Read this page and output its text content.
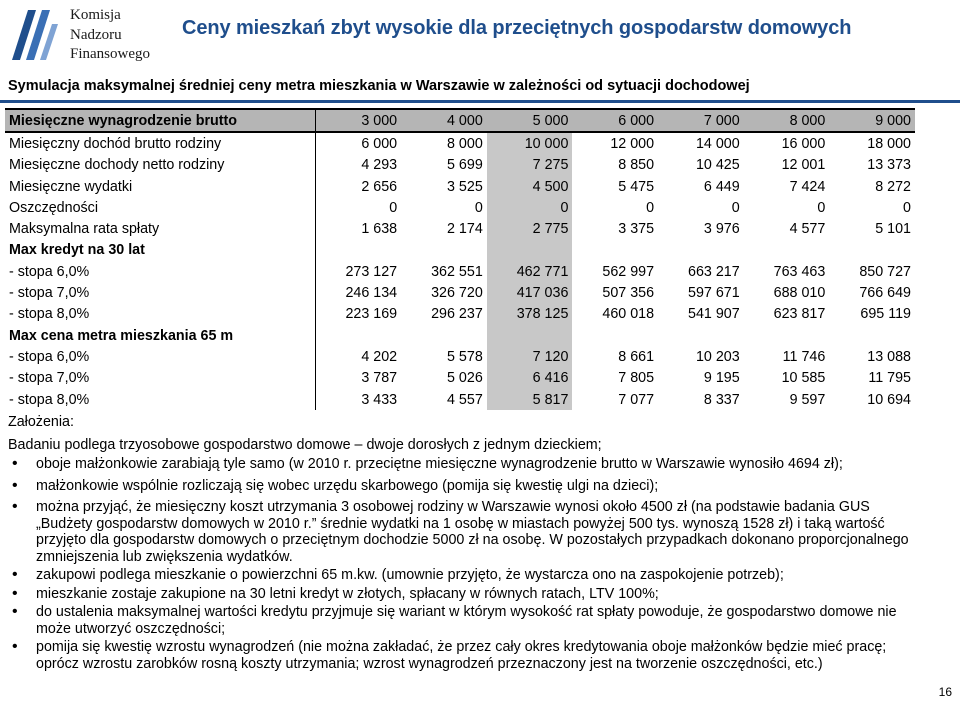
Komisja
Nadzoru
Finansowego
Ceny mieszkań zbyt wysokie dla przeciętnych gospodarstw domowych
Symulacja maksymalnej średniej ceny metra mieszkania w Warszawie w zależności od sytuacji dochodowej
Miesięczne wynagrodzenie brutto	3 000	4 000	5 000	6 000	7 000	8 000	9 000
Miesięczny dochód brutto rodziny	6 000	8 000	10 000	12 000	14 000	16 000	18 000
Miesięczne dochody netto rodziny	4 293	5 699	7 275	8 850	10 425	12 001	13 373
Miesięczne wydatki	2 656	3 525	4 500	5 475	6 449	7 424	8 272
Oszczędności	0	0	0	0	0	0	0
Maksymalna rata spłaty	1 638	2 174	2 775	3 375	3 976	4 577	5 101
Max kredyt na 30 lat							
- stopa 6,0%	273 127	362 551	462 771	562 997	663 217	763 463	850 727
- stopa 7,0%	246 134	326 720	417 036	507 356	597 671	688 010	766 649
- stopa 8,0%	223 169	296 237	378 125	460 018	541 907	623 817	695 119
Max cena metra mieszkania 65 m							
- stopa 6,0%	4 202	5 578	7 120	8 661	10 203	11 746	13 088
- stopa 7,0%	3 787	5 026	6 416	7 805	9 195	10 585	11 795
- stopa 8,0%	3 433	4 557	5 817	7 077	8 337	9 597	10 694
Założenia:
Badaniu podlega trzyosobowe gospodarstwo domowe – dwoje dorosłych z jednym dzieckiem;
• oboje małżonkowie zarabiają tyle samo (w 2010 r. przeciętne miesięczne wynagrodzenie brutto w Warszawie wynosiło 4694 zł);
• małżonkowie wspólnie rozliczają się wobec urzędu skarbowego (pomija się kwestię ulgi na dzieci);
• można przyjąć, że miesięczny koszt utrzymania 3 osobowej rodziny w Warszawie wynosi około 4500 zł (na podstawie badania GUS „Budżety gospodarstw domowych w 2010 r.” średnie wydatki na 1 osobę w miastach powyżej 500 tys. wynoszą 1528 zł) i taką wartość przyjęto dla gospodarstw domowych o przeciętnym dochodzie 5000 zł na osobę. W pozostałych przypadkach dokonano proporcjonalnego zmniejszenia lub zwiększenia wydatków.
• zakupowi podlega mieszkanie o powierzchni 65 m.kw. (umownie przyjęto, że wystarcza ono na zaspokojenie potrzeb);
• mieszkanie zostaje zakupione na 30 letni kredyt w złotych, spłacany w równych ratach, LTV 100%;
• do ustalenia maksymalnej wartości kredytu przyjmuje się wariant w którym wysokość rat spłaty powoduje, że gospodarstwo domowe nie może utworzyć oszczędności;
• pomija się kwestię wzrostu wynagrodzeń (nie można zakładać, że przez cały okres kredytowania oboje małżonków będzie mieć pracę; oprócz wzrostu zarobków rosną koszty utrzymania; wzrost wynagrodzeń przeznaczony jest na tworzenie oszczędności, etc.)
16
